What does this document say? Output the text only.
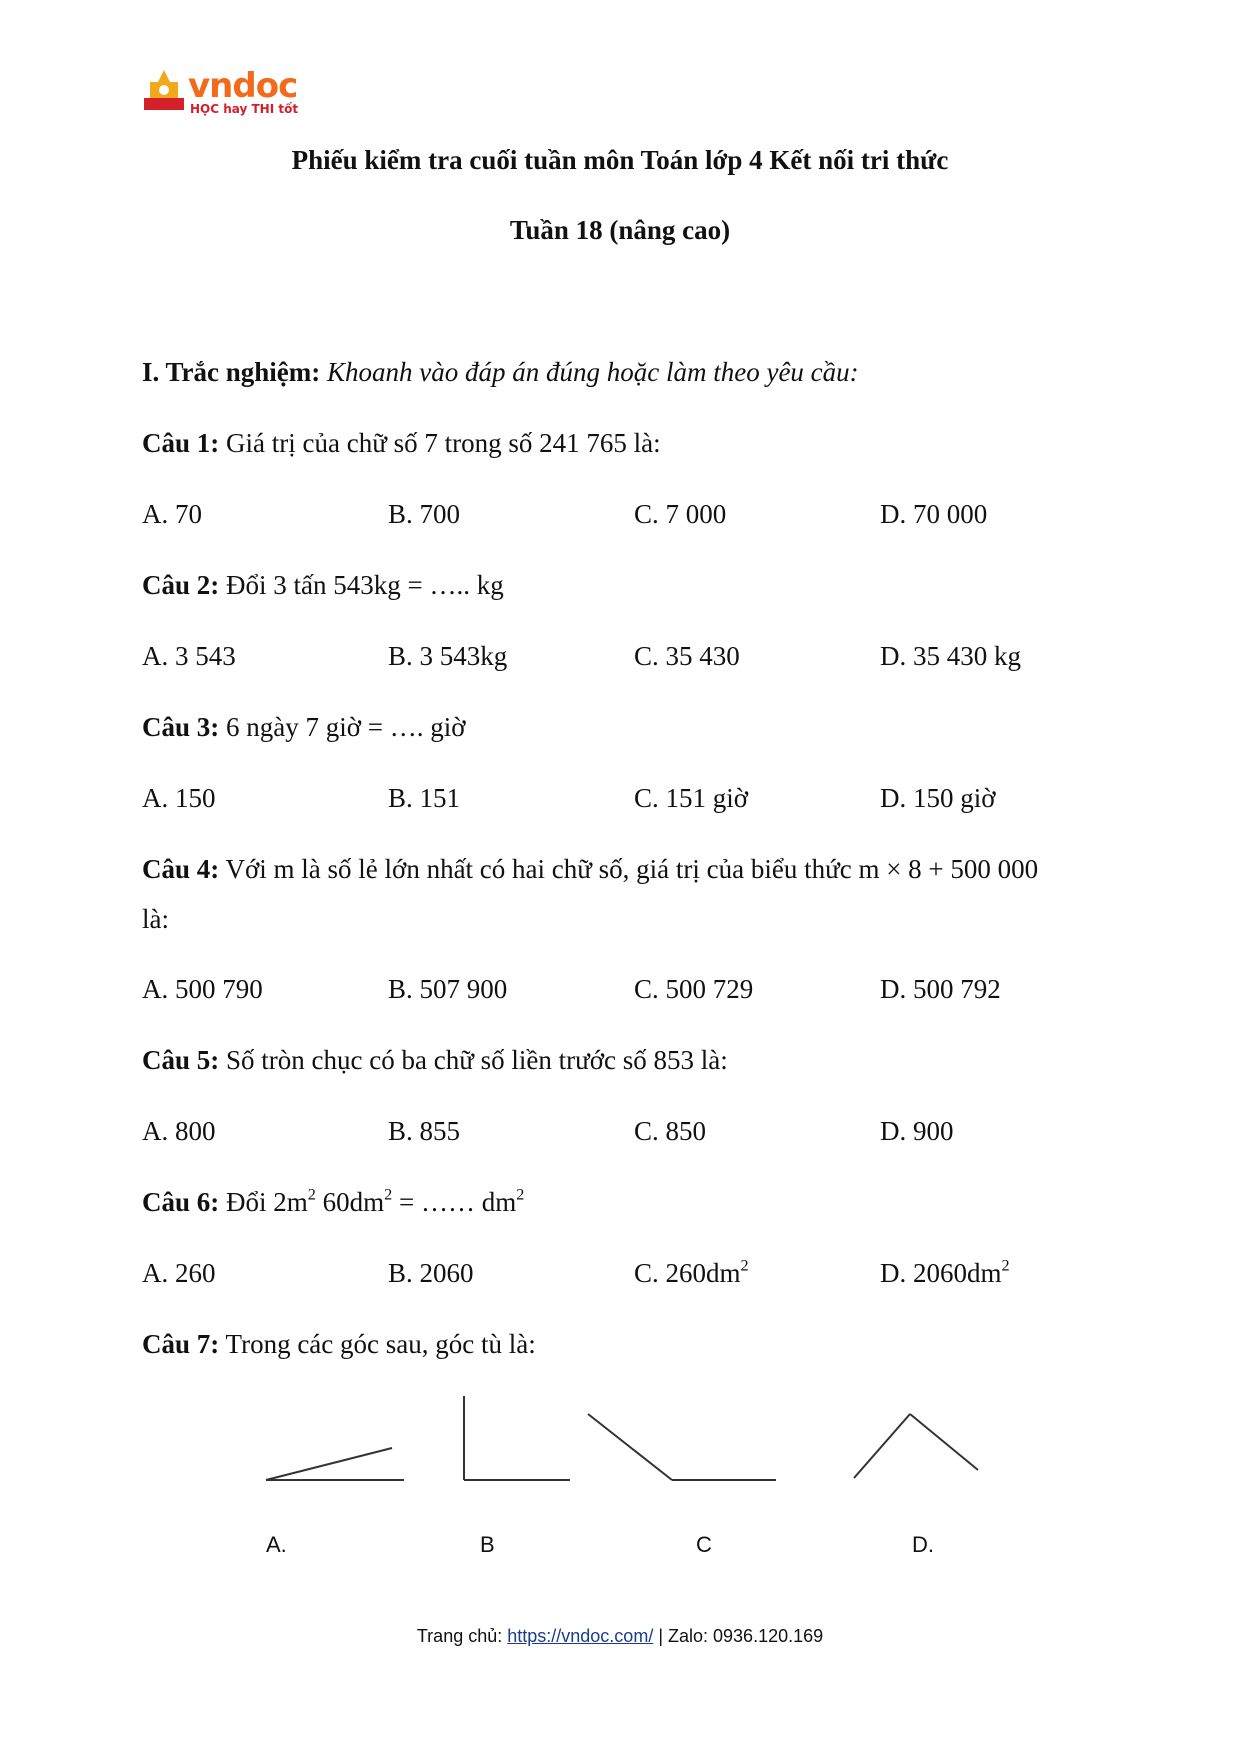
vndoc
HỌC hay THI tốt
Phiếu kiểm tra cuối tuần môn Toán lớp 4 Kết nối tri thức
Tuần 18 (nâng cao)
I. Trắc nghiệm: Khoanh vào đáp án đúng hoặc làm theo yêu cầu:
Câu 1: Giá trị của chữ số 7 trong số 241 765 là:
A. 70	B. 700	C. 7 000	D. 70 000
Câu 2: Đổi 3 tấn 543kg = ….. kg
A. 3 543	B. 3 543kg	C. 35 430	D. 35 430 kg
Câu 3: 6 ngày 7 giờ = …. giờ
A. 150	B. 151	C. 151 giờ	D. 150 giờ
Câu 4: Với m là số lẻ lớn nhất có hai chữ số, giá trị của biểu thức m × 8 + 500 000
là:
A. 500 790	B. 507 900	C. 500 729	D. 500 792
Câu 5: Số tròn chục có ba chữ số liền trước số 853 là:
A. 800	B. 855	C. 850	D. 900
Câu 6: Đổi $2m^2$ $60dm^2$ = …… $dm^2$
A. 260	B. 2060	C. $260dm^2$	D. $2060dm^2$
Câu 7: Trong các góc sau, góc tù là:
A.	B	C	D.
Trang chủ: https://vndoc.com/ | Zalo: 0936.120.169
